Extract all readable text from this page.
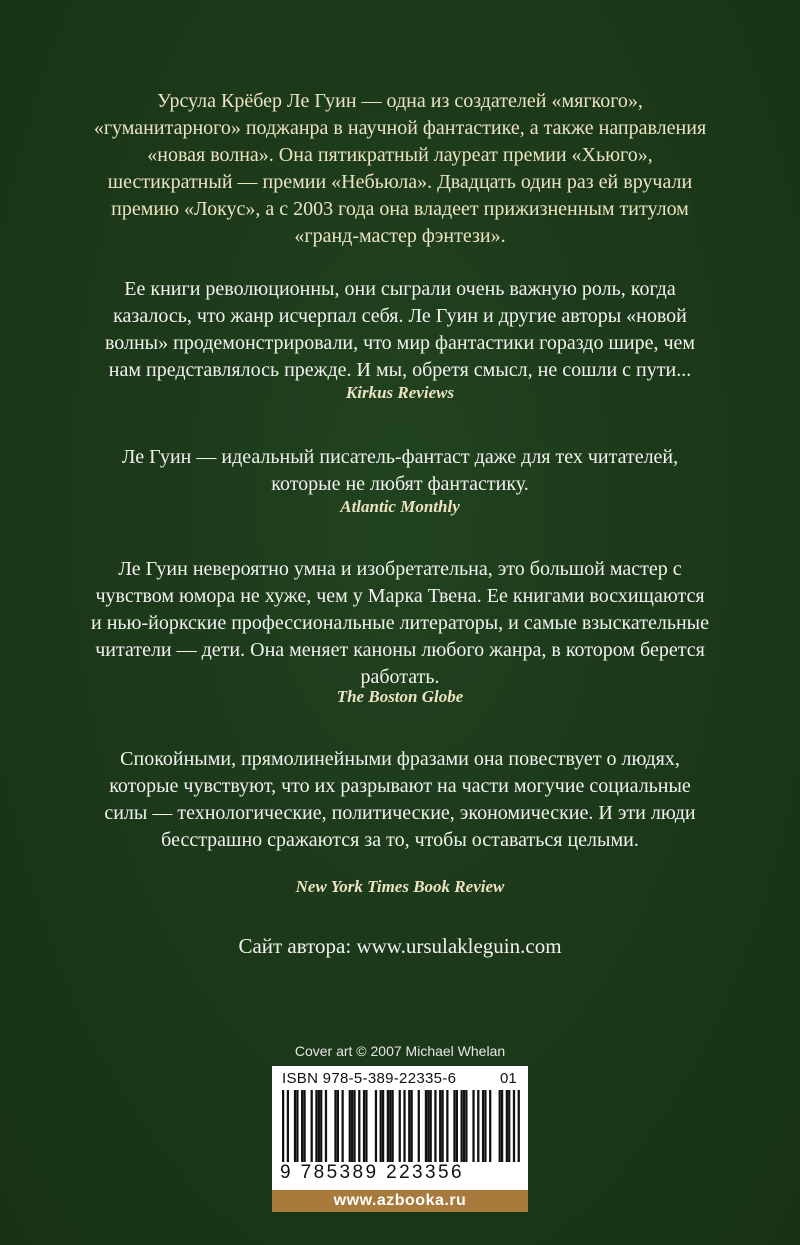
Урсула Крёбер Ле Гуин — одна из создателей «мягкого», «гуманитарного» поджанра в научной фантастике, а также направления «новая волна». Она пятикратный лауреат премии «Хьюго», шестикратный — премии «Небьюла». Двадцать один раз ей вручали премию «Локус», а с 2003 года она владеет прижизненным титулом «гранд-мастер фэнтези».

Ее книги революционны, они сыграли очень важную роль, когда казалось, что жанр исчерпал себя. Ле Гуин и другие авторы «новой волны» продемонстрировали, что мир фантастики гораздо шире, чем нам представлялось прежде. И мы, обретя смысл, не сошли с пути...

Kirkus Reviews

Ле Гуин — идеальный писатель-фантаст даже для тех читателей, которые не любят фантастику.

Atlantic Monthly

Ле Гуин невероятно умна и изобретательна, это большой мастер с чувством юмора не хуже, чем у Марка Твена. Ее книгами восхищаются и нью-йоркские профессиональные литераторы, и самые взыскательные читатели — дети. Она меняет каноны любого жанра, в котором берется работать.

The Boston Globe

Спокойными, прямолинейными фразами она повествует о людях, которые чувствуют, что их разрывают на части могучие социальные силы — технологические, политические, экономические. И эти люди бесстрашно сражаются за то, чтобы оставаться целыми.

New York Times Book Review

Сайт автора: www.ursulakleguin.com

Cover art © 2007 Michael Whelan
ISBN 978-5-389-22335-6	01
9 785389 223356
www.azbooka.ru
